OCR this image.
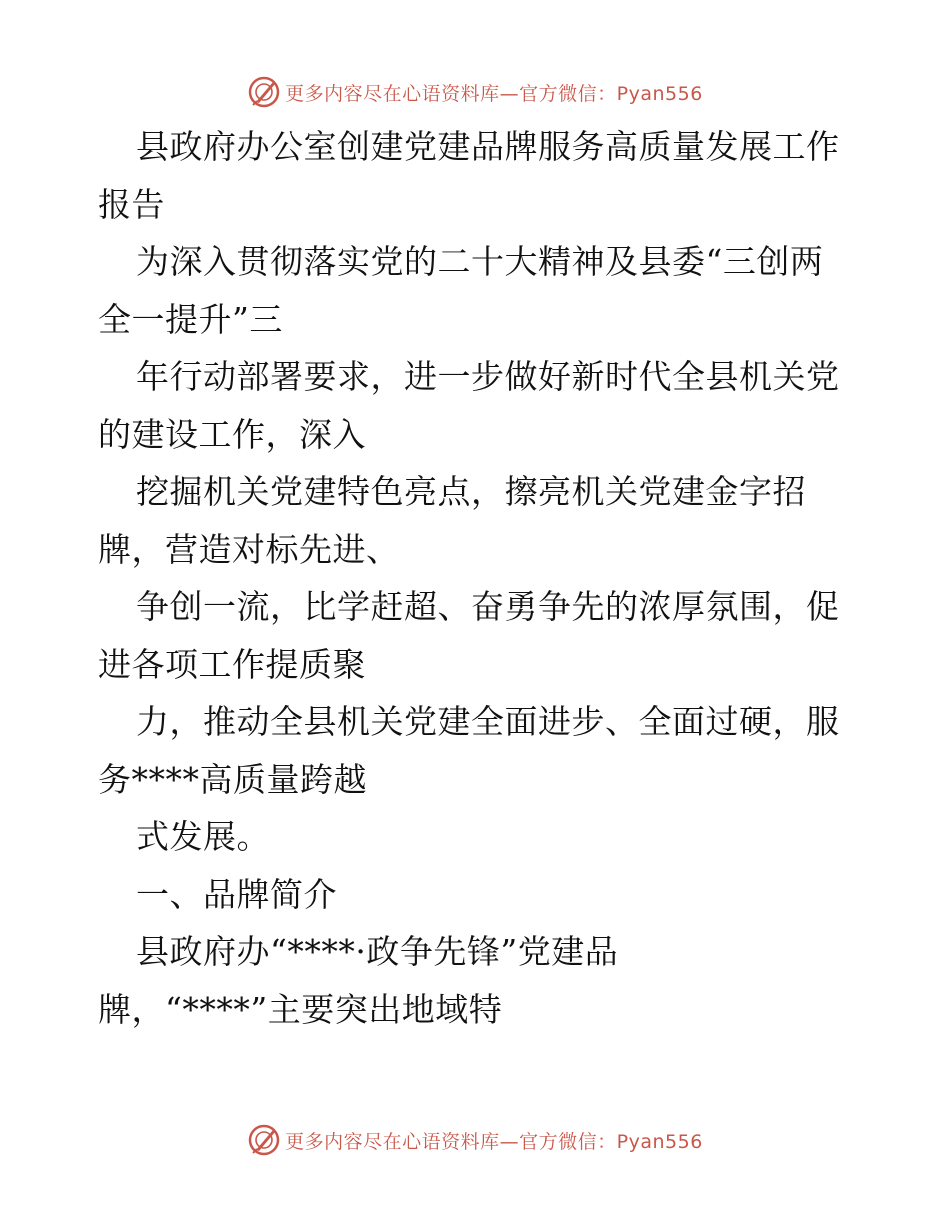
更多内容尽在心语资料库—官方微信：Pyan556
县政府办公室创建党建品牌服务高质量发展工作
报告
为深入贯彻落实党的二十大精神及县委“三创两
全一提升”三
年行动部署要求，进一步做好新时代全县机关党
的建设工作，深入
挖掘机关党建特色亮点，擦亮机关党建金字招
牌，营造对标先进、
争创一流，比学赶超、奋勇争先的浓厚氛围，促
进各项工作提质聚
力，推动全县机关党建全面进步、全面过硬，服
务****高质量跨越
式发展。
一、品牌简介
县政府办“****·政争先锋”党建品
牌，“****”主要突出地域特
更多内容尽在心语资料库—官方微信：Pyan556
